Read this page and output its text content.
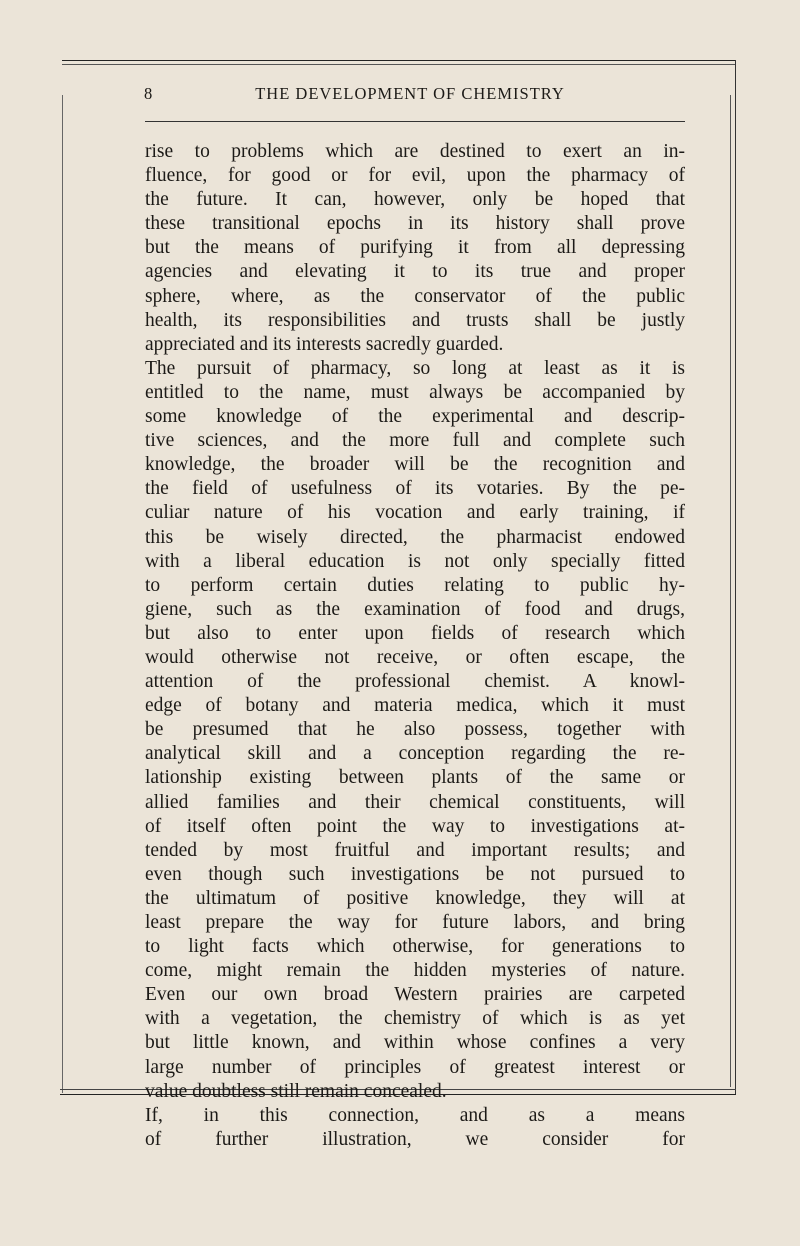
8	THE DEVELOPMENT OF CHEMISTRY
rise to problems which are destined to exert an in-
fluence, for good or for evil, upon the pharmacy of
the future. It can, however, only be hoped that
these transitional epochs in its history shall prove
but the means of purifying it from all depressing
agencies and elevating it to its true and proper
sphere, where, as the conservator of the public
health, its responsibilities and trusts shall be justly
appreciated and its interests sacredly guarded.
The pursuit of pharmacy, so long at least as it is
entitled to the name, must always be accompanied by
some knowledge of the experimental and descrip-
tive sciences, and the more full and complete such
knowledge, the broader will be the recognition and
the field of usefulness of its votaries. By the pe-
culiar nature of his vocation and early training, if
this be wisely directed, the pharmacist endowed
with a liberal education is not only specially fitted
to perform certain duties relating to public hy-
giene, such as the examination of food and drugs,
but also to enter upon fields of research which
would otherwise not receive, or often escape, the
attention of the professional chemist. A knowl-
edge of botany and materia medica, which it must
be presumed that he also possess, together with
analytical skill and a conception regarding the re-
lationship existing between plants of the same or
allied families and their chemical constituents, will
of itself often point the way to investigations at-
tended by most fruitful and important results; and
even though such investigations be not pursued to
the ultimatum of positive knowledge, they will at
least prepare the way for future labors, and bring
to light facts which otherwise, for generations to
come, might remain the hidden mysteries of nature.
Even our own broad Western prairies are carpeted
with a vegetation, the chemistry of which is as yet
but little known, and within whose confines a very
large number of principles of greatest interest or
value doubtless still remain concealed.
If, in this connection, and as a means
of further illustration, we consider for
